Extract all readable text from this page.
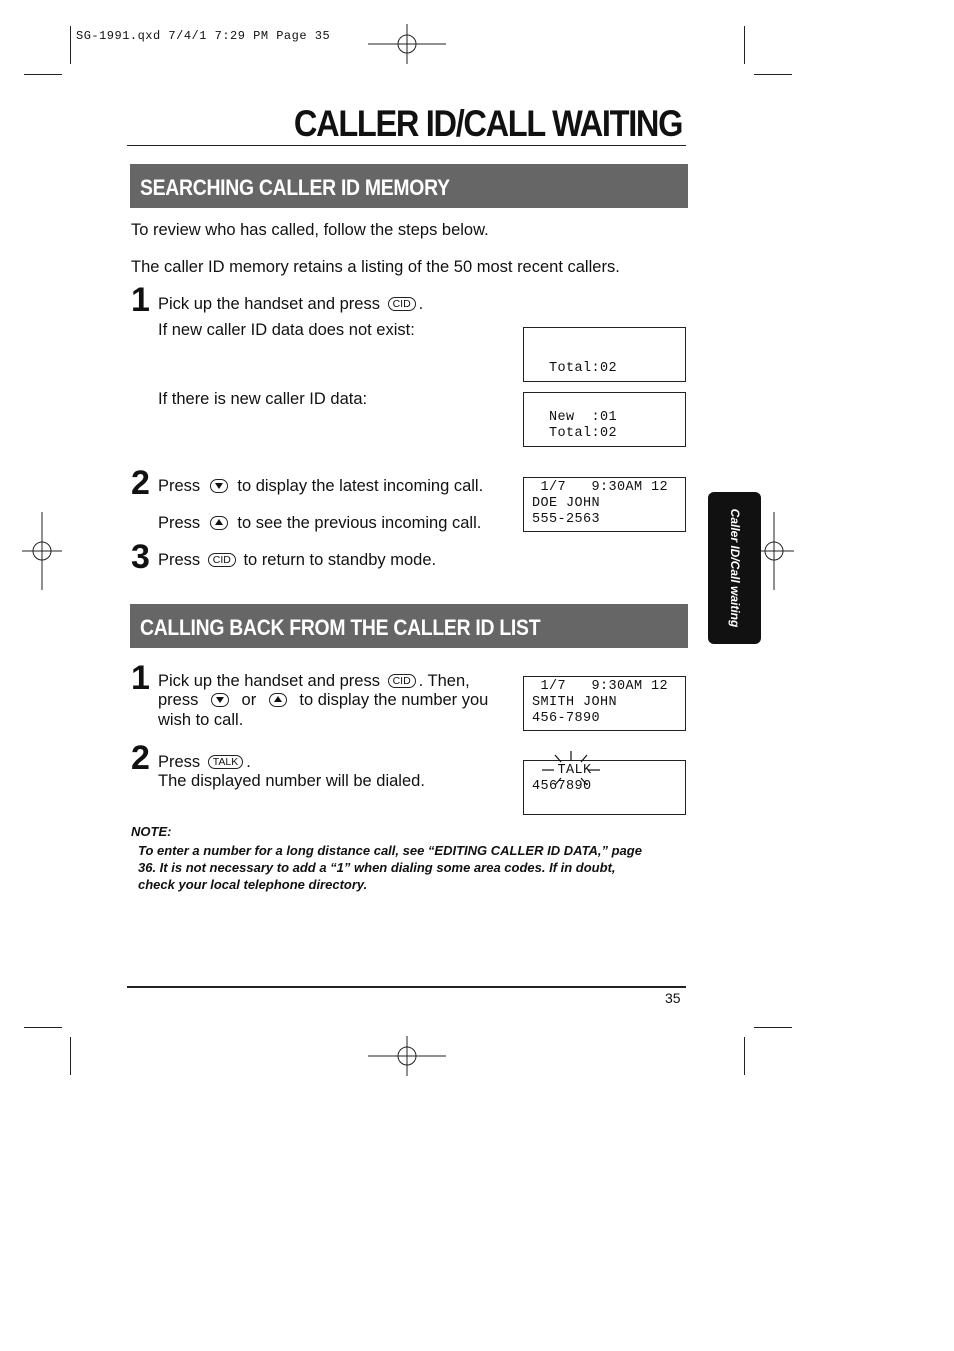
SG-1991.qxd 7/4/1 7:29 PM Page 35
CALLER ID/CALL WAITING
SEARCHING CALLER ID MEMORY
To review who has called, follow the steps below.
The caller ID memory retains a listing of the 50 most recent callers.
1 Pick up the handset and press CID .
If new caller ID data does not exist:
If there is new caller ID data:
Total:02
New  :01
Total:02
2 Press to display the latest incoming call.
Press to see the previous incoming call.
1/7   9:30AM 12
DOE JOHN
555-2563
3 Press CID to return to standby mode.
CALLING BACK FROM THE CALLER ID LIST
1 Pick up the handset and press CID . Then,
press	or	to display the number you
wish to call.
1/7   9:30AM 12
SMITH JOHN
456-7890
2 Press TALK .
The displayed number will be dialed.
TALK
4567890
Caller ID/Call waiting
NOTE:
To enter a number for a long distance call, see “EDITING CALLER ID DATA,” page
36. It is not necessary to add a “1” when dialing some area codes. If in doubt,
check your local telephone directory.
35
